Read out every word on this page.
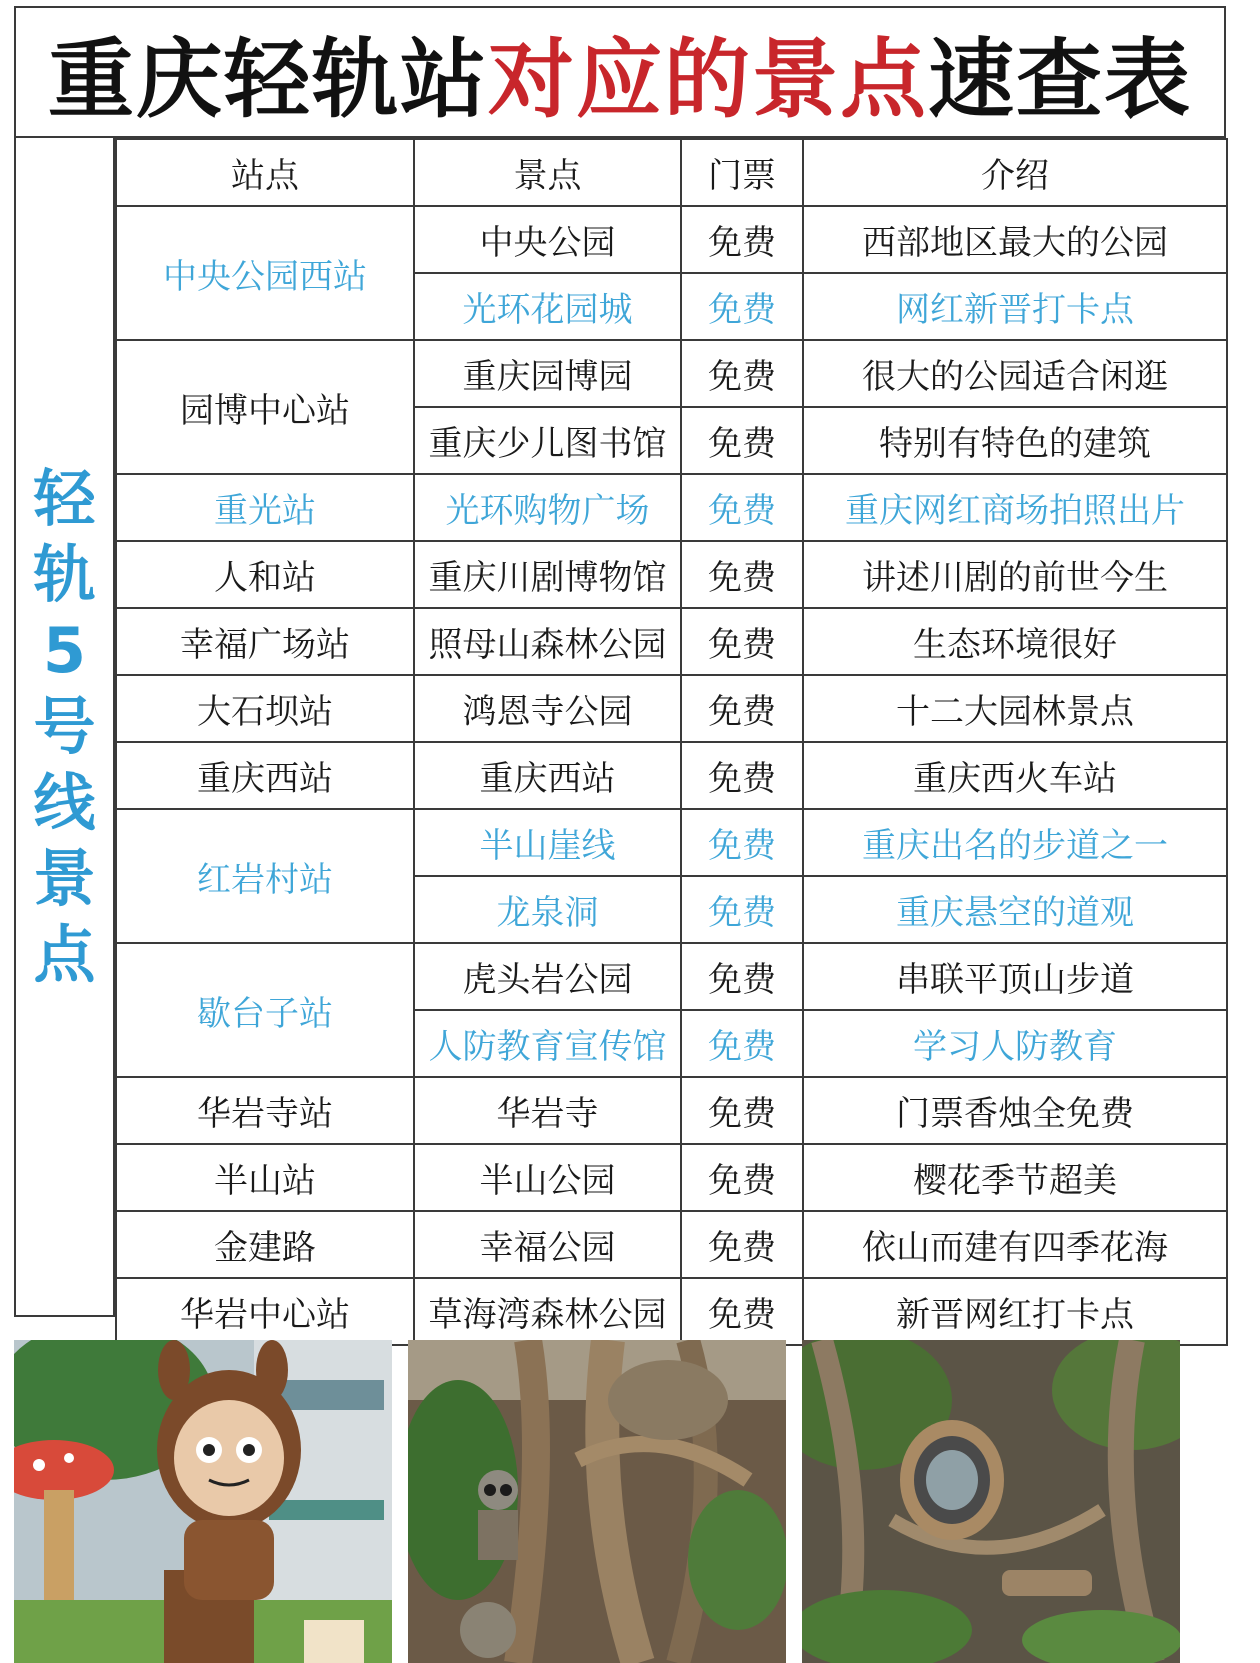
重庆轻轨站对应的景点速查表
轻轨5号线景点
站点	景点	门票	介绍
中央公园西站	中央公园	免费	西部地区最大的公园
	光环花园城	免费	网红新晋打卡点
园博中心站	重庆园博园	免费	很大的公园适合闲逛
	重庆少儿图书馆	免费	特别有特色的建筑
重光站	光环购物广场	免费	重庆网红商场拍照出片
人和站	重庆川剧博物馆	免费	讲述川剧的前世今生
幸福广场站	照母山森林公园	免费	生态环境很好
大石坝站	鸿恩寺公园	免费	十二大园林景点
重庆西站	重庆西站	免费	重庆西火车站
红岩村站	半山崖线	免费	重庆出名的步道之一
	龙泉洞	免费	重庆悬空的道观
歇台子站	虎头岩公园	免费	串联平顶山步道
	人防教育宣传馆	免费	学习人防教育
华岩寺站	华岩寺	免费	门票香烛全免费
半山站	半山公园	免费	樱花季节超美
金建路	幸福公园	免费	依山而建有四季花海
华岩中心站	草海湾森林公园	免费	新晋网红打卡点
